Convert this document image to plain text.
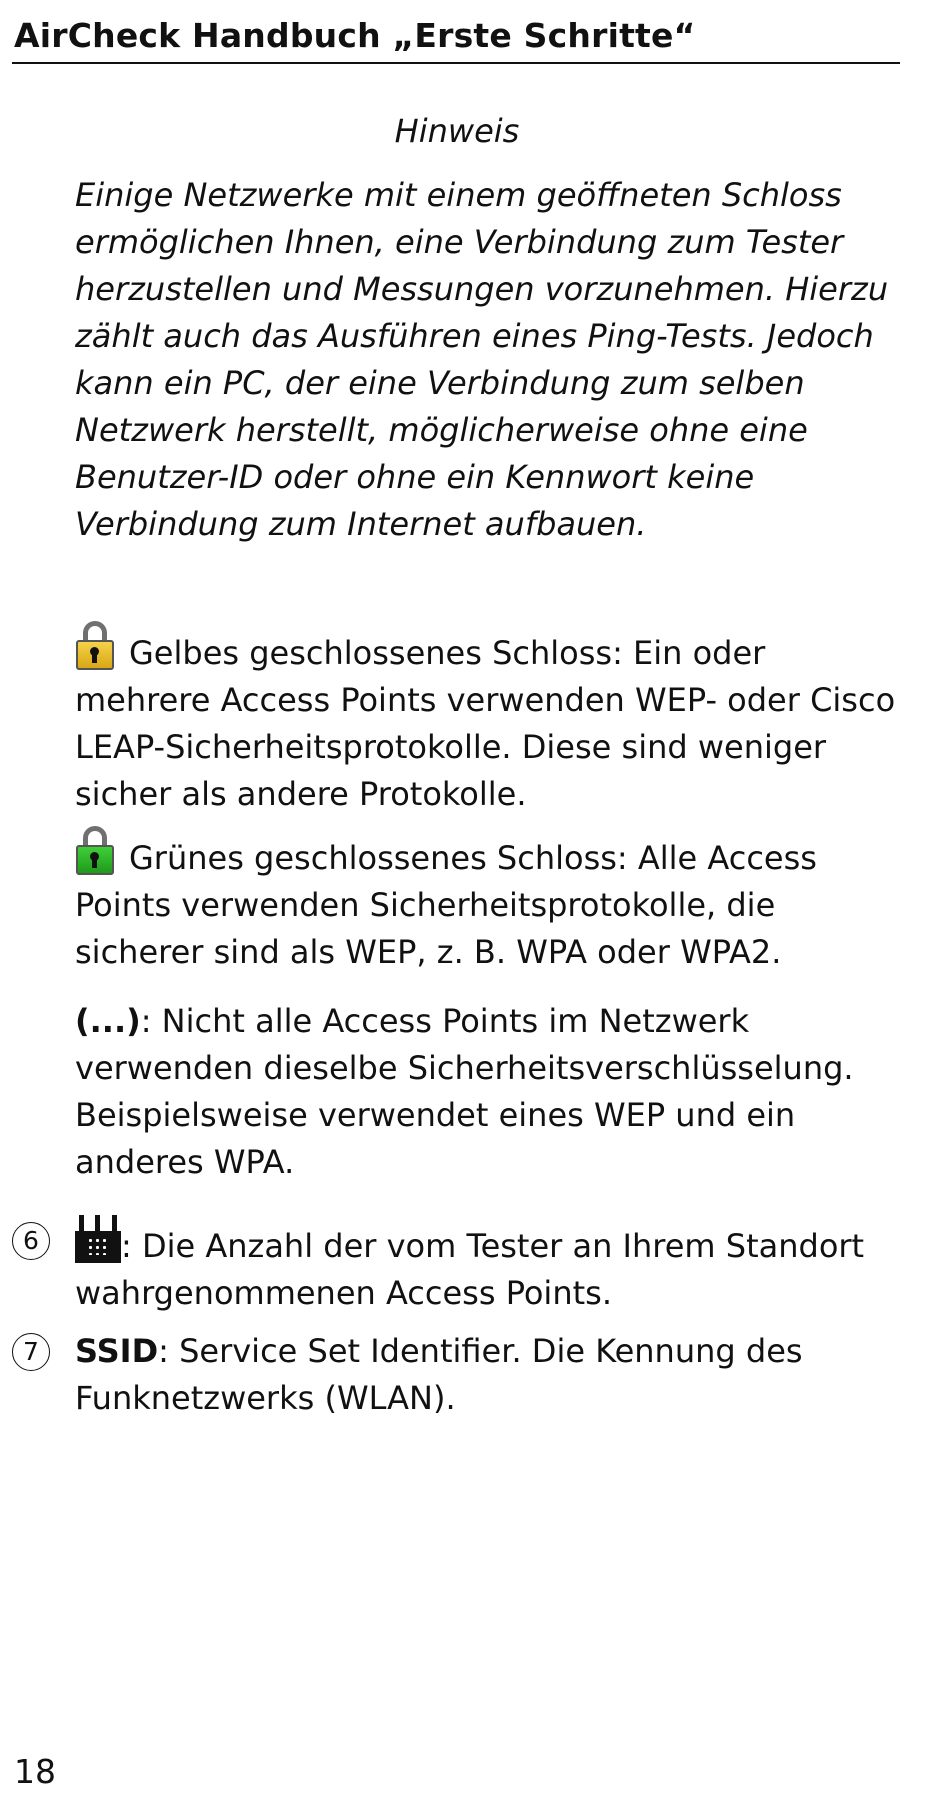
AirCheck Handbuch „Erste Schritte“
Hinweis

Einige Netzwerke mit einem geöffneten Schloss ermöglichen Ihnen, eine Verbindung zum Tester herzustellen und Messungen vorzunehmen. Hierzu zählt auch das Ausführen eines Ping-Tests. Jedoch kann ein PC, der eine Verbindung zum selben Netzwerk herstellt, möglicherweise ohne eine Benutzer-ID oder ohne ein Kennwort keine Verbindung zum Internet aufbauen.

Gelbes geschlossenes Schloss: Ein oder mehrere Access Points verwenden WEP- oder Cisco LEAP-Sicherheitsprotokolle. Diese sind weniger sicher als andere Protokolle.

Grünes geschlossenes Schloss: Alle Access Points verwenden Sicherheitsprotokolle, die sicherer sind als WEP, z. B. WPA oder WPA2.

(...): Nicht alle Access Points im Netzwerk verwenden dieselbe Sicherheitsverschlüsselung. Beispielsweise verwendet eines WEP und ein anderes WPA.

6	: Die Anzahl der vom Tester an Ihrem Standort wahrgenommenen Access Points.

7	SSID: Service Set Identifier. Die Kennung des Funknetzwerks (WLAN).

18
